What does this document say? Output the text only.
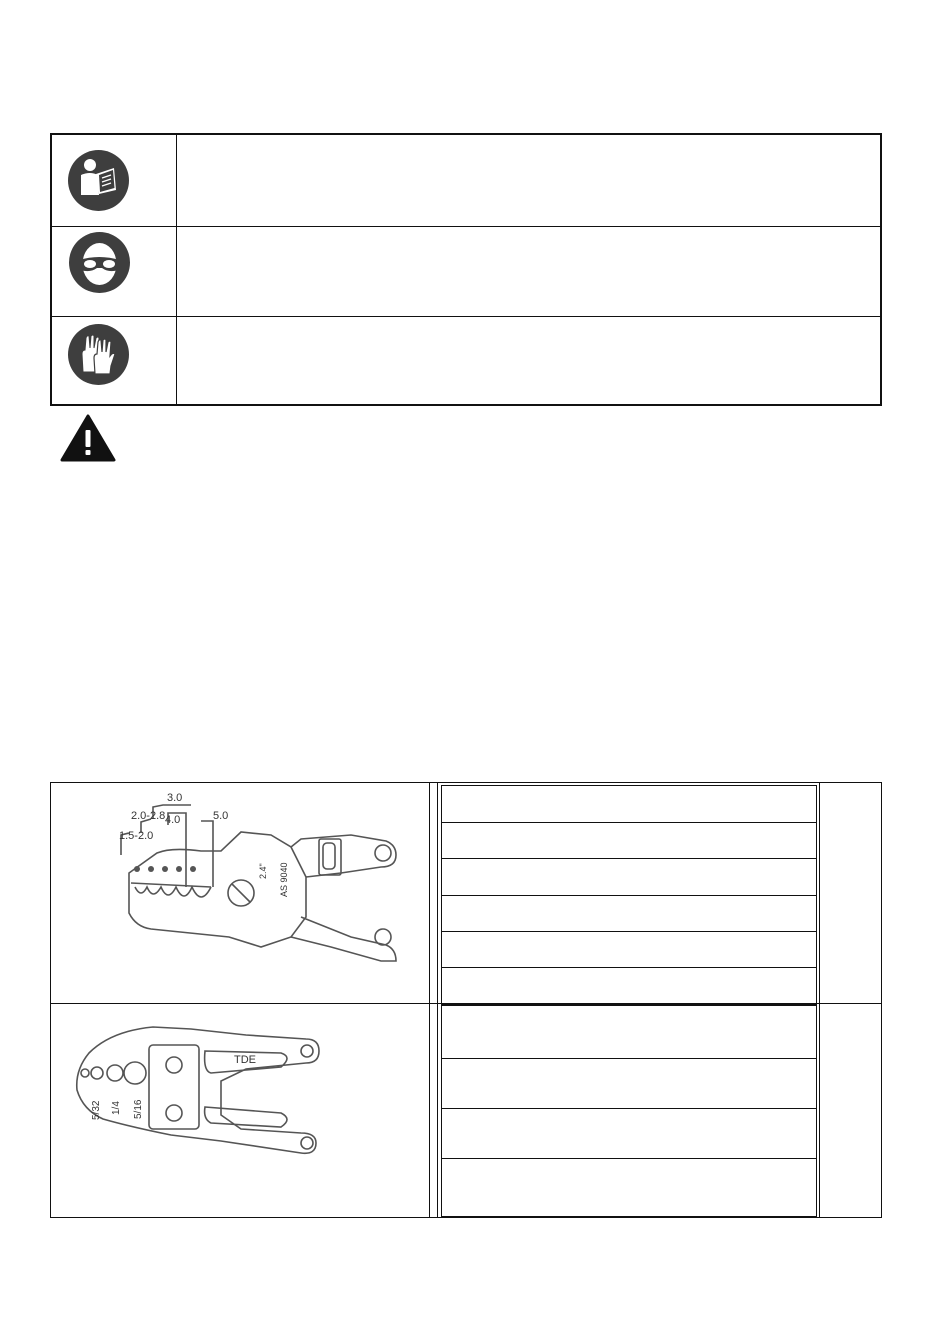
3.0
2.0-2.8 4.0	5.0
1.5-2.0
2.4" AS 9040
TDE
5/32 1/4 5/16
